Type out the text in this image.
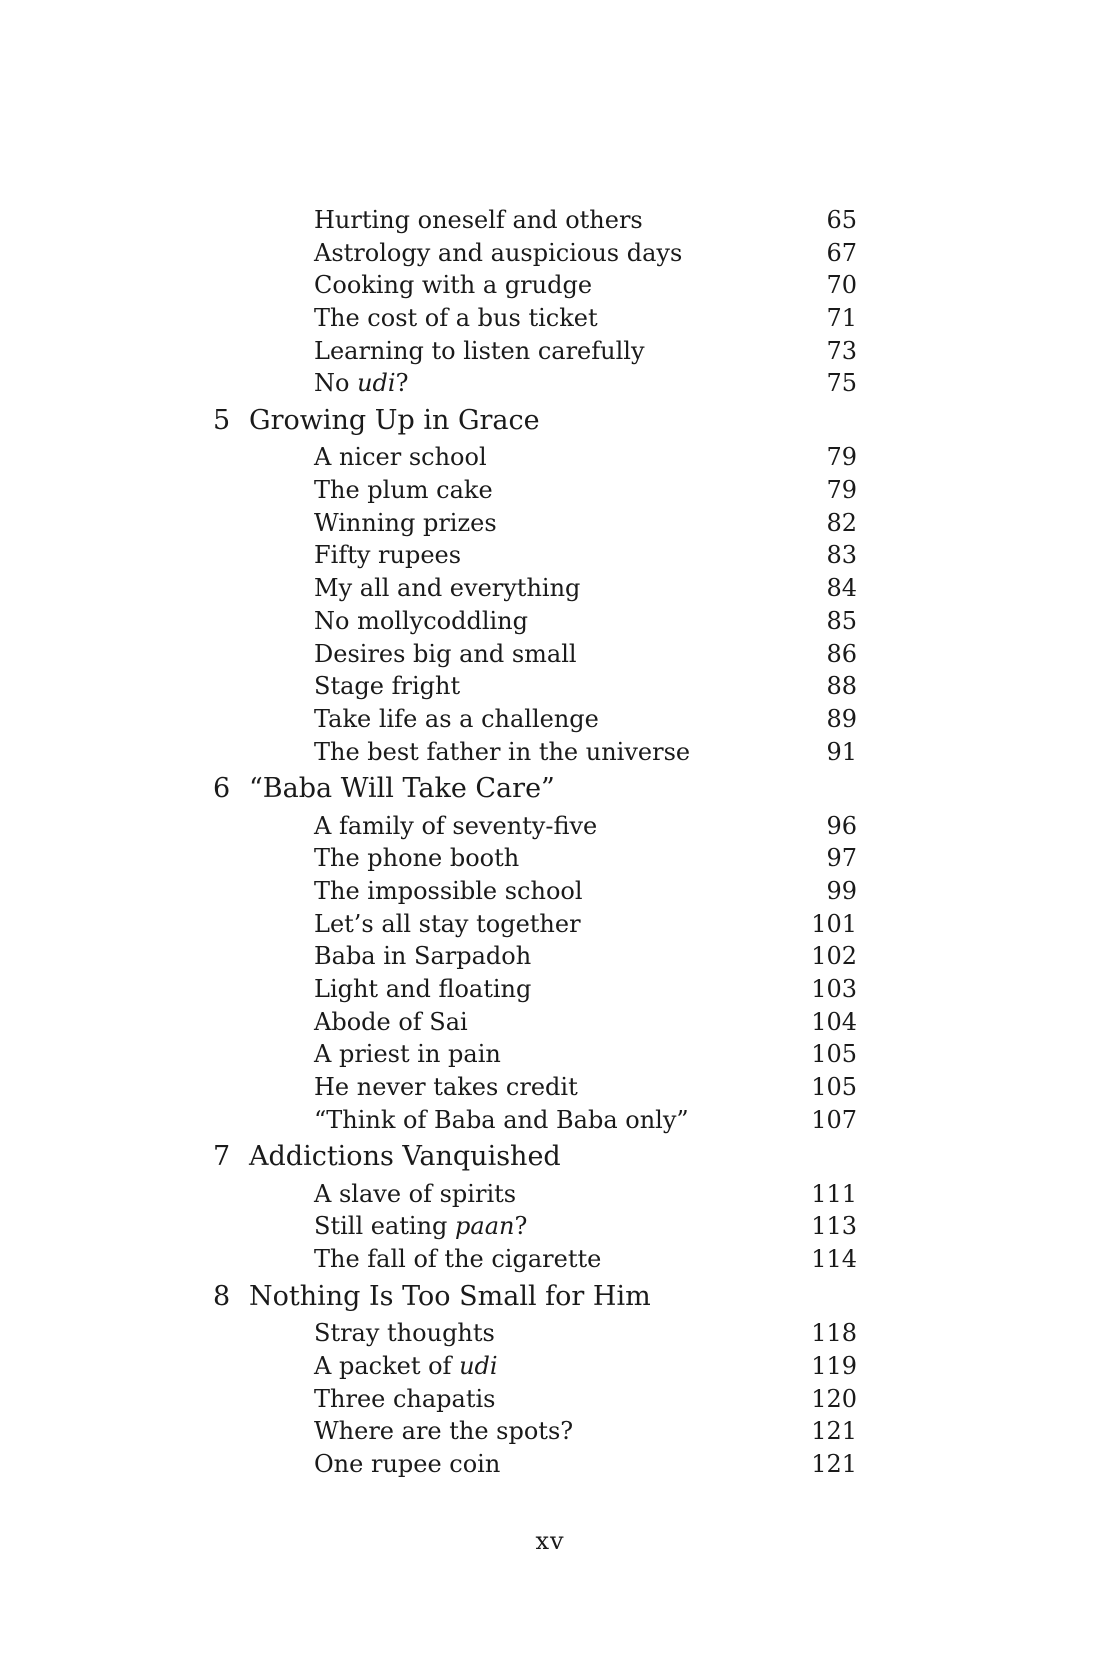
Hurting oneself and others	65
Astrology and auspicious days	67
Cooking with a grudge	70
The cost of a bus ticket	71
Learning to listen carefully	73
No udi?	75
5 Growing Up in Grace
A nicer school	79
The plum cake	79
Winning prizes	82
Fifty rupees	83
My all and everything	84
No mollycoddling	85
Desires big and small	86
Stage fright	88
Take life as a challenge	89
The best father in the universe	91
6 “Baba Will Take Care”
A family of seventy-five	96
The phone booth	97
The impossible school	99
Let’s all stay together	101
Baba in Sarpadoh	102
Light and floating	103
Abode of Sai	104
A priest in pain	105
He never takes credit	105
“Think of Baba and Baba only”	107
7 Addictions Vanquished
A slave of spirits	111
Still eating paan?	113
The fall of the cigarette	114
8 Nothing Is Too Small for Him
Stray thoughts	118
A packet of udi	119
Three chapatis	120
Where are the spots?	121
One rupee coin	121
xv
